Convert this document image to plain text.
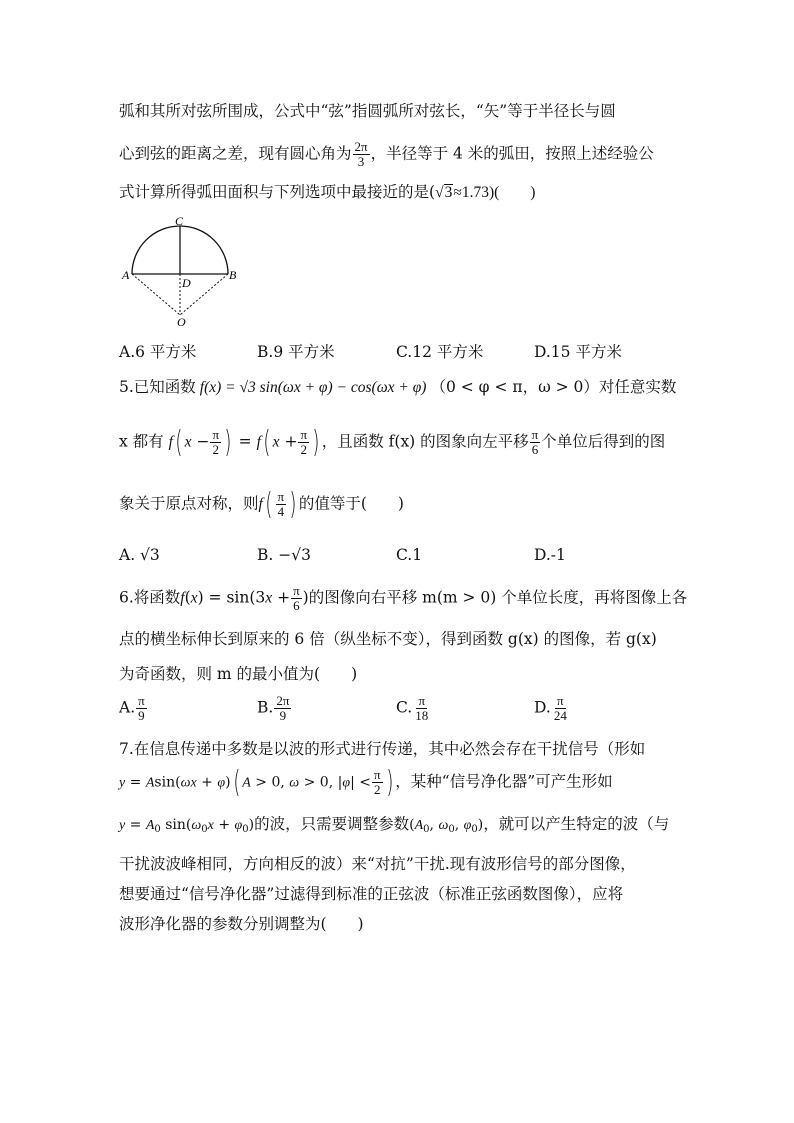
弧和其所对弦所围成，公式中“弦”指圆弧所对弦长，“矢”等于半径长与圆
心到弦的距离之差，现有圆心角为 $\frac{2\pi}{3}$ ，半径等于 4 米的弧田，按照上述经验公
式计算所得弧田面积与下列选项中最接近的是(√3≈1.73)(　　)
C
A	B
D
O
A.6 平方米	B.9 平方米	C.12 平方米	D.15 平方米
5.已知函数 f(x) = √3 sin(ωx + φ) − cos(ωx + φ) （0 < φ < π，ω > 0）对任意实数
x 都有 f( $x - \frac{\pi}{2}$ ) = f( $x + \frac{\pi}{2}$ ) ，且函数 f(x) 的图象向左平移 $\frac{\pi}{6}$ 个单位后得到的图
象关于原点对称，则$f( \frac{\pi}{4}$ ) 的值等于(　　)
A. √3	B. −√3	C.1	D.-1
6.将函数$f(x) = \sin(3x + \frac{\pi}{6}$ )的图像向右平移 m(m > 0) 个单位长度，再将图像上各
点的横坐标伸长到原来的 6 倍（纵坐标不变），得到函数 g(x) 的图像，若 g(x)
为奇函数，则 m 的最小值为(　　)
A. $\frac{\pi}{9}$	B. $\frac{2\pi}{9}$	C. $\frac{\pi}{18}$	D. $\frac{\pi}{24}$
7.在信息传递中多数是以波的形式进行传递，其中必然会存在干扰信号（形如
y = Asin(ωx + φ)( A > 0, ω > 0, $|\varphi| < \frac{\pi}{2}$ ) ，某种“信号净化器”可产生形如
$y = A_0$ $\sin(\omega_0x + \varphi_0)$的波，只需要调整参数($A_0$, $\omega_0$, $\varphi_0$)，就可以产生特定的波（与
干扰波波峰相同，方向相反的波）来“对抗”干扰.现有波形信号的部分图像，
想要通过“信号净化器”过滤得到标准的正弦波（标准正弦函数图像），应将
波形净化器的参数分别调整为(　　)
